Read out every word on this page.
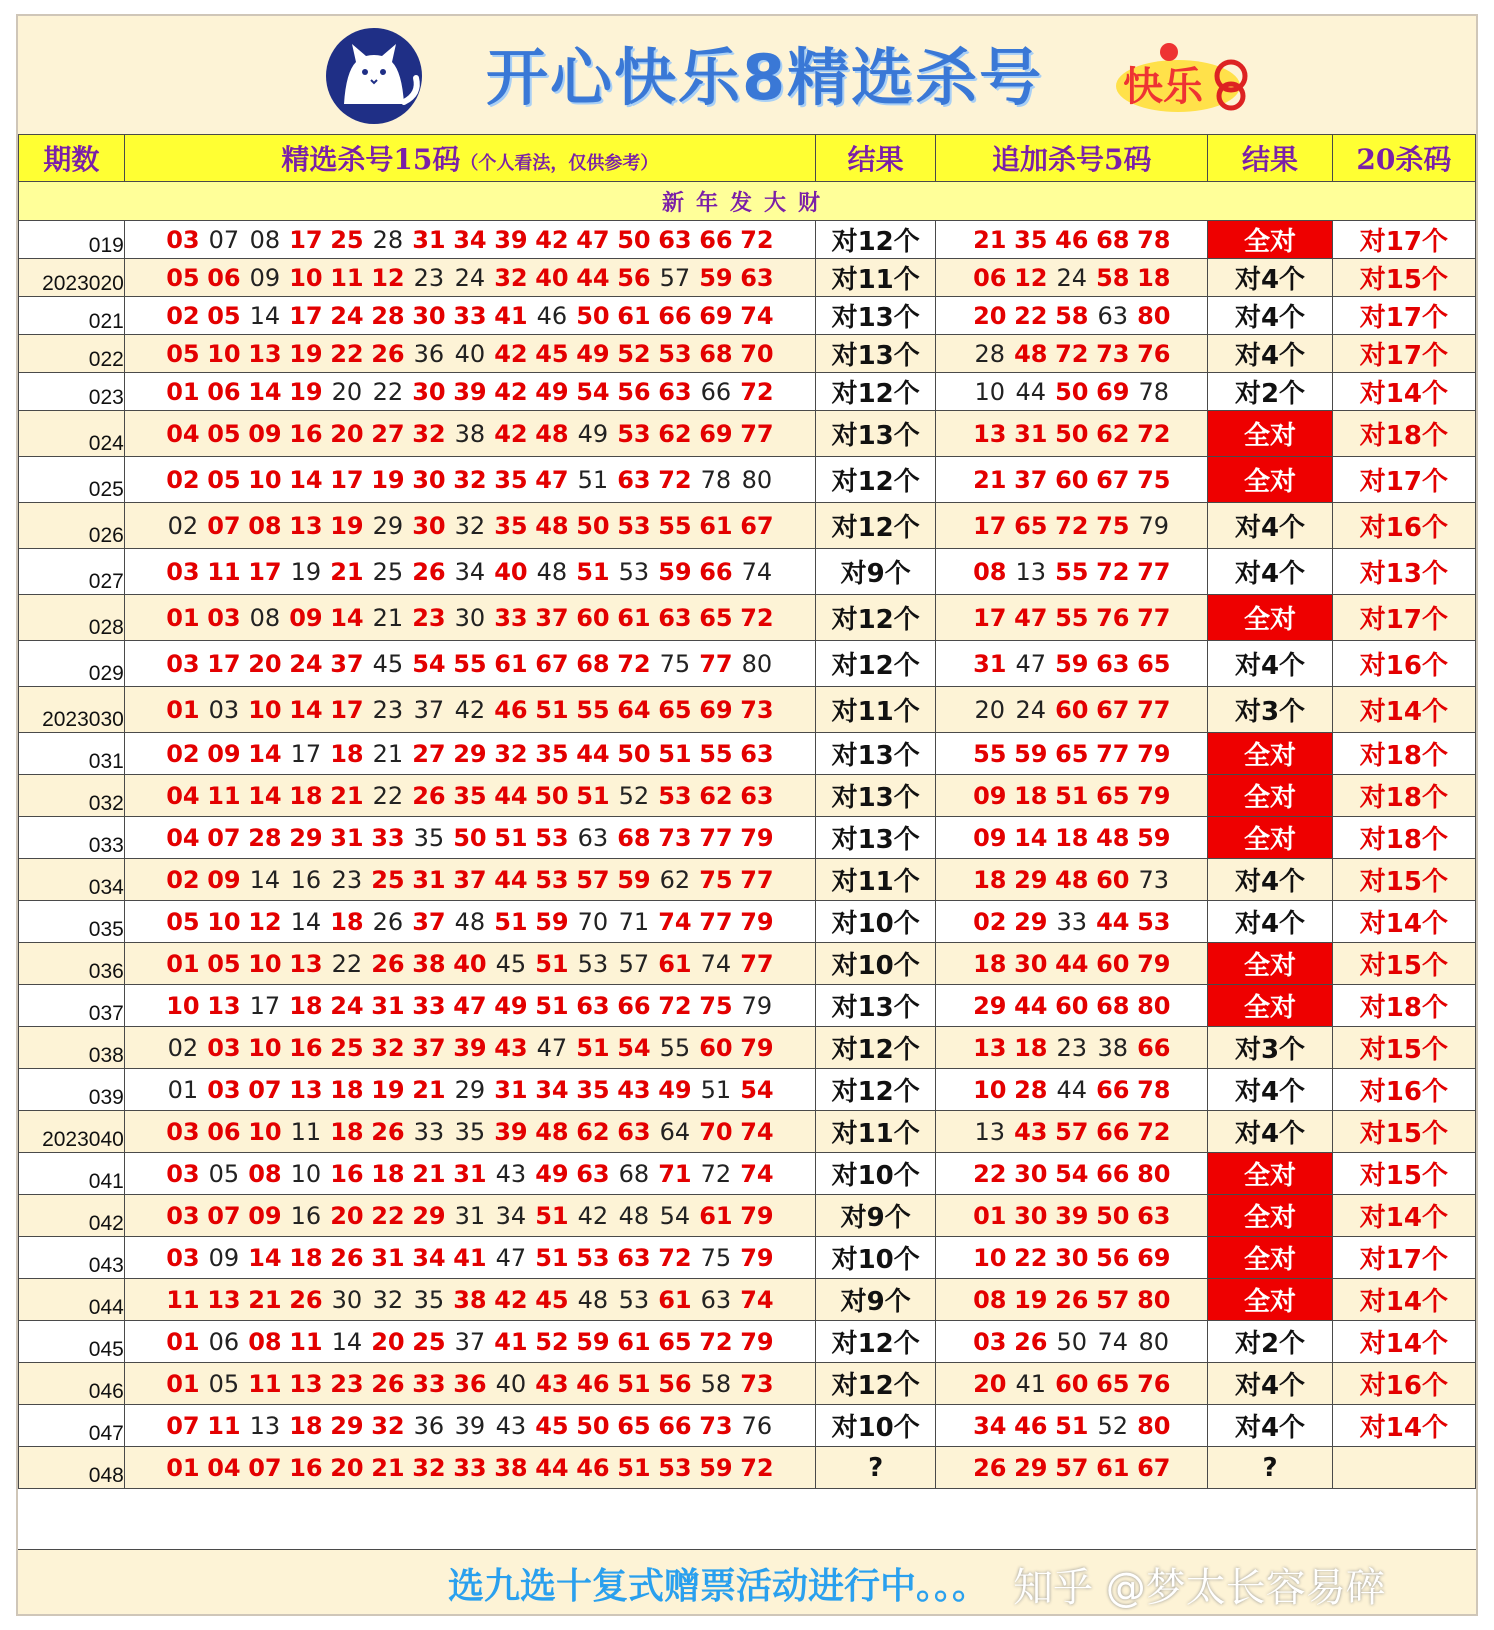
开心快乐8精选杀号 快乐
期数	精选杀号15码（个人看法，仅供参考）	结果	追加杀号5码	结果	20杀码
新年发大财					
019	03 07 08 17 25 28 31 34 39 42 47 50 63 66 72	对12个	21 35 46 68 78	全对	对17个
2023020	05 06 09 10 11 12 23 24 32 40 44 56 57 59 63	对11个	06 12 24 58 18	对4个	对15个
021	02 05 14 17 24 28 30 33 41 46 50 61 66 69 74	对13个	20 22 58 63 80	对4个	对17个
022	05 10 13 19 22 26 36 40 42 45 49 52 53 68 70	对13个	28 48 72 73 76	对4个	对17个
023	01 06 14 19 20 22 30 39 42 49 54 56 63 66 72	对12个	10 44 50 69 78	对2个	对14个
024	04 05 09 16 20 27 32 38 42 48 49 53 62 69 77	对13个	13 31 50 62 72	全对	对18个
025	02 05 10 14 17 19 30 32 35 47 51 63 72 78 80	对12个	21 37 60 67 75	全对	对17个
026	02 07 08 13 19 29 30 32 35 48 50 53 55 61 67	对12个	17 65 72 75 79	对4个	对16个
027	03 11 17 19 21 25 26 34 40 48 51 53 59 66 74	对9个	08 13 55 72 77	对4个	对13个
028	01 03 08 09 14 21 23 30 33 37 60 61 63 65 72	对12个	17 47 55 76 77	全对	对17个
029	03 17 20 24 37 45 54 55 61 67 68 72 75 77 80	对12个	31 47 59 63 65	对4个	对16个
2023030	01 03 10 14 17 23 37 42 46 51 55 64 65 69 73	对11个	20 24 60 67 77	对3个	对14个
031	02 09 14 17 18 21 27 29 32 35 44 50 51 55 63	对13个	55 59 65 77 79	全对	对18个
032	04 11 14 18 21 22 26 35 44 50 51 52 53 62 63	对13个	09 18 51 65 79	全对	对18个
033	04 07 28 29 31 33 35 50 51 53 63 68 73 77 79	对13个	09 14 18 48 59	全对	对18个
034	02 09 14 16 23 25 31 37 44 53 57 59 62 75 77	对11个	18 29 48 60 73	对4个	对15个
035	05 10 12 14 18 26 37 48 51 59 70 71 74 77 79	对10个	02 29 33 44 53	对4个	对14个
036	01 05 10 13 22 26 38 40 45 51 53 57 61 74 77	对10个	18 30 44 60 79	全对	对15个
037	10 13 17 18 24 31 33 47 49 51 63 66 72 75 79	对13个	29 44 60 68 80	全对	对18个
038	02 03 10 16 25 32 37 39 43 47 51 54 55 60 79	对12个	13 18 23 38 66	对3个	对15个
039	01 03 07 13 18 19 21 29 31 34 35 43 49 51 54	对12个	10 28 44 66 78	对4个	对16个
2023040	03 06 10 11 18 26 33 35 39 48 62 63 64 70 74	对11个	13 43 57 66 72	对4个	对15个
041	03 05 08 10 16 18 21 31 43 49 63 68 71 72 74	对10个	22 30 54 66 80	全对	对15个
042	03 07 09 16 20 22 29 31 34 51 42 48 54 61 79	对9个	01 30 39 50 63	全对	对14个
043	03 09 14 18 26 31 34 41 47 51 53 63 72 75 79	对10个	10 22 30 56 69	全对	对17个
044	11 13 21 26 30 32 35 38 42 45 48 53 61 63 74	对9个	08 19 26 57 80	全对	对14个
045	01 06 08 11 14 20 25 37 41 52 59 61 65 72 79	对12个	03 26 50 74 80	对2个	对14个
046	01 05 11 13 23 26 33 36 40 43 46 51 56 58 73	对12个	20 41 60 65 76	对4个	对16个
047	07 11 13 18 29 32 36 39 43 45 50 65 66 73 76	对10个	34 46 51 52 80	对4个	对14个
048	01 04 07 16 20 21 32 33 38 44 46 51 53 59 72	?	26 29 57 61 67	?	
选九选十复式赠票活动进行中。。。 知乎 @梦太长容易碎
